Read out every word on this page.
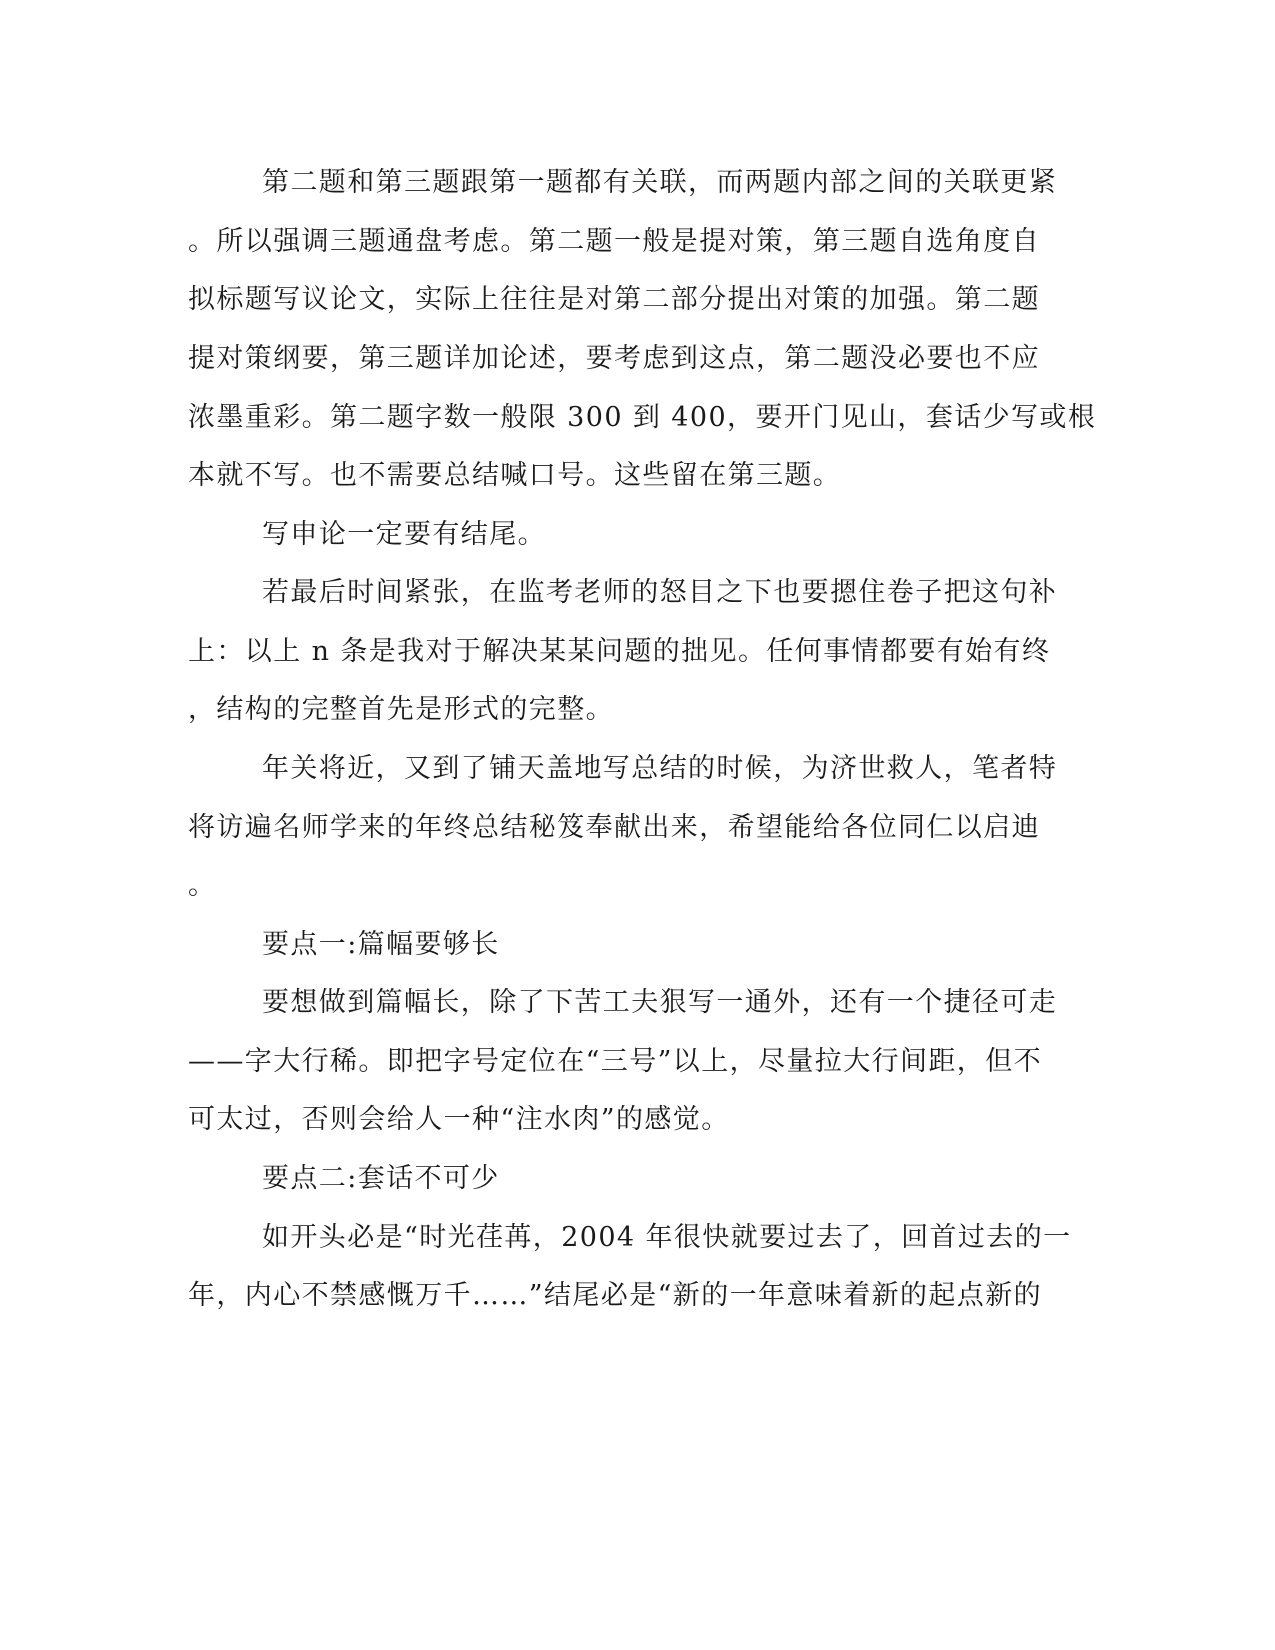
第二题和第三题跟第一题都有关联，而两题内部之间的关联更紧
。所以强调三题通盘考虑。第二题一般是提对策，第三题自选角度自
拟标题写议论文，实际上往往是对第二部分提出对策的加强。第二题
提对策纲要，第三题详加论述，要考虑到这点，第二题没必要也不应
浓墨重彩。第二题字数一般限 300 到 400，要开门见山，套话少写或根
本就不写。也不需要总结喊口号。这些留在第三题。
写申论一定要有结尾。
若最后时间紧张，在监考老师的怒目之下也要摁住卷子把这句补
上：以上 n 条是我对于解决某某问题的拙见。任何事情都要有始有终
，结构的完整首先是形式的完整。
年关将近，又到了铺天盖地写总结的时候，为济世救人，笔者特
将访遍名师学来的年终总结秘笈奉献出来，希望能给各位同仁以启迪
。
要点一:篇幅要够长
要想做到篇幅长，除了下苦工夫狠写一通外，还有一个捷径可走
——字大行稀。即把字号定位在“三号”以上，尽量拉大行间距，但不
可太过，否则会给人一种“注水肉”的感觉。
要点二:套话不可少
如开头必是“时光荏苒，2004 年很快就要过去了，回首过去的一
年，内心不禁感慨万千……”结尾必是“新的一年意味着新的起点新的
